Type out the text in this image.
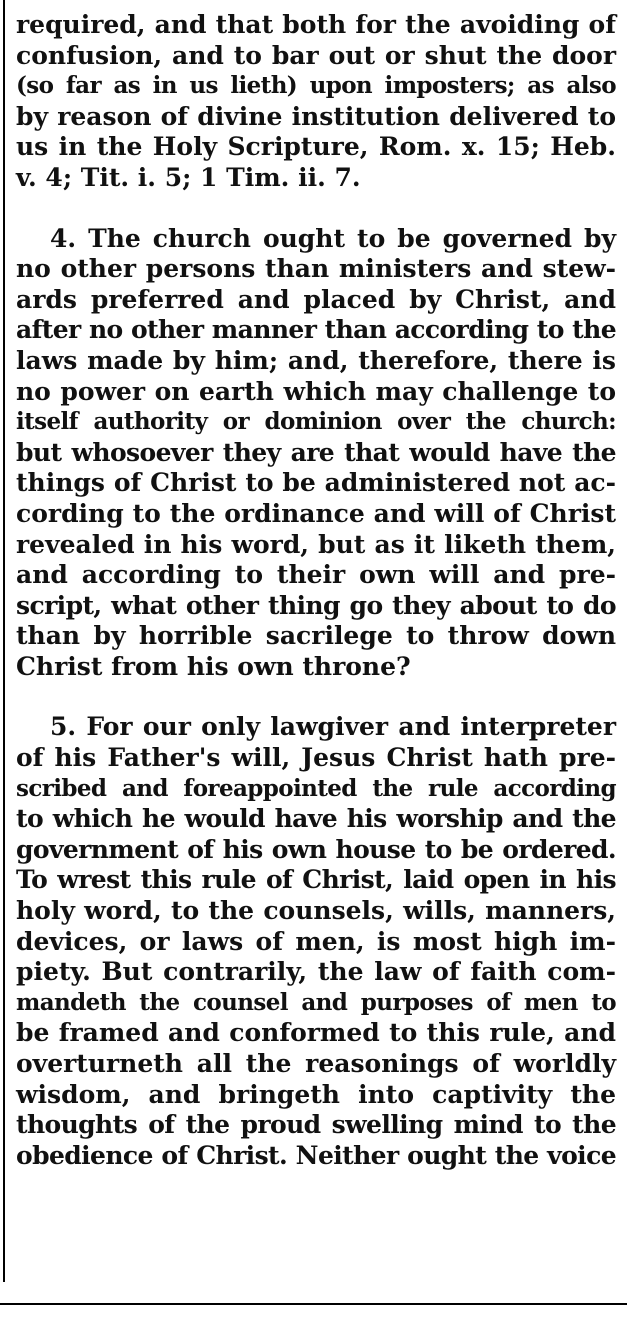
required, and that both for the avoiding of
confusion, and to bar out or shut the door
(so far as in us lieth) upon imposters; as also
by reason of divine institution delivered to
us in the Holy Scripture, Rom. x. 15; Heb.
v. 4; Tit. i. 5; 1 Tim. ii. 7.
4. The church ought to be governed by
no other persons than ministers and stew-
ards preferred and placed by Christ, and
after no other manner than according to the
laws made by him; and, therefore, there is
no power on earth which may challenge to
itself authority or dominion over the church:
but whosoever they are that would have the
things of Christ to be administered not ac-
cording to the ordinance and will of Christ
revealed in his word, but as it liketh them,
and according to their own will and pre-
script, what other thing go they about to do
than by horrible sacrilege to throw down
Christ from his own throne?
5. For our only lawgiver and interpreter
of his Father's will, Jesus Christ hath pre-
scribed and foreappointed the rule according
to which he would have his worship and the
government of his own house to be ordered.
To wrest this rule of Christ, laid open in his
holy word, to the counsels, wills, manners,
devices, or laws of men, is most high im-
piety. But contrarily, the law of faith com-
mandeth the counsel and purposes of men to
be framed and conformed to this rule, and
overturneth all the reasonings of worldly
wisdom, and bringeth into captivity the
thoughts of the proud swelling mind to the
obedience of Christ. Neither ought the voice
